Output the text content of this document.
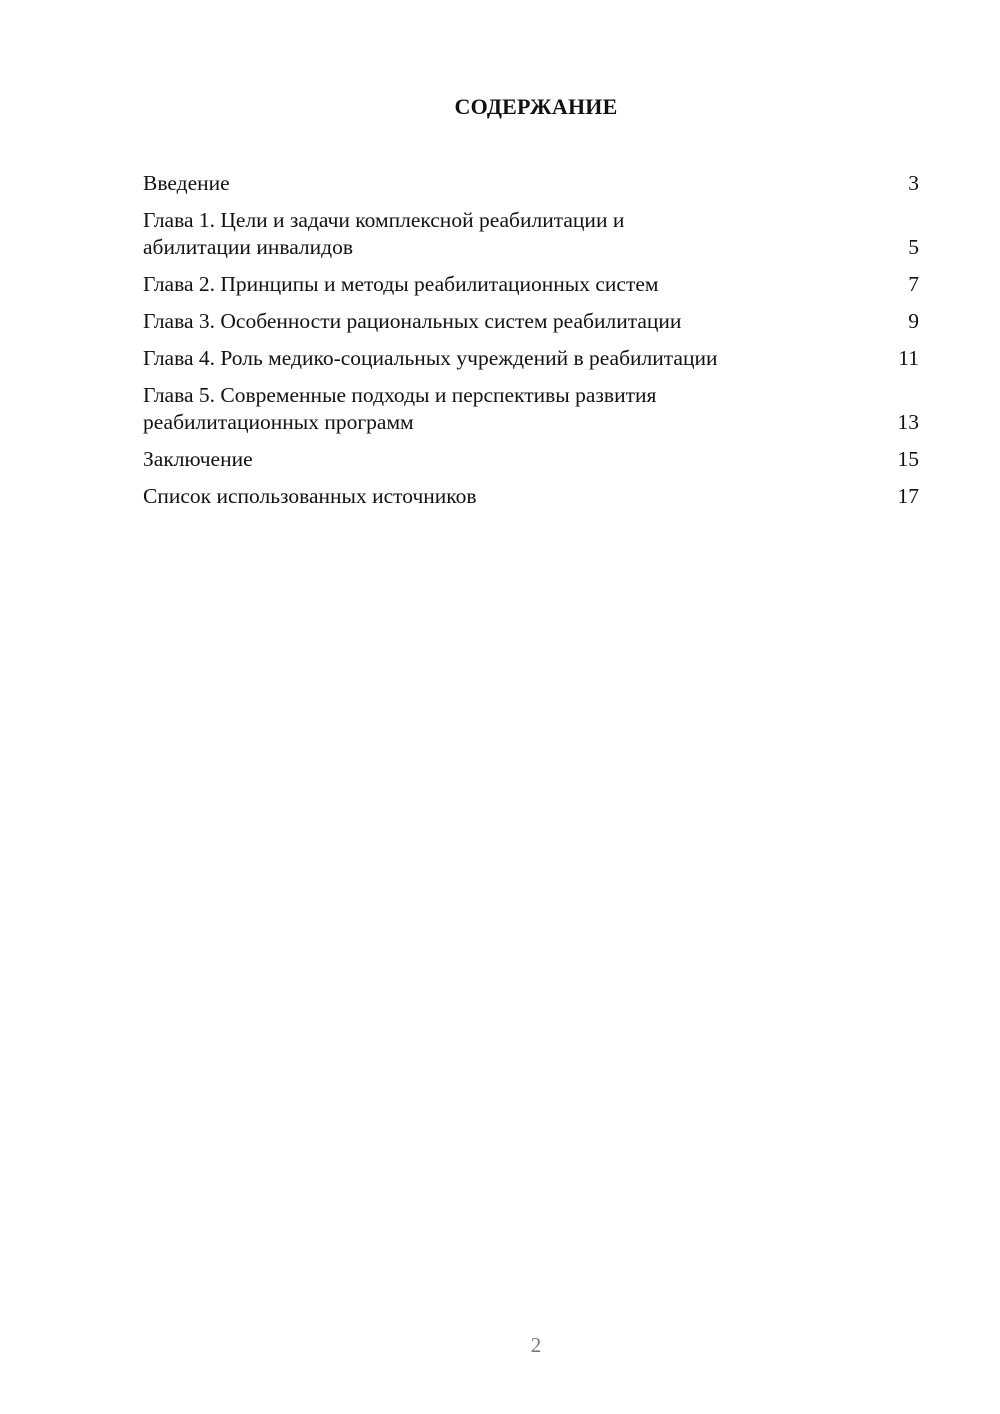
СОДЕРЖАНИЕ
Введение	3
Глава 1. Цели и задачи комплексной реабилитации и
абилитации инвалидов	5
Глава 2. Принципы и методы реабилитационных систем	7
Глава 3. Особенности рациональных систем реабилитации	9
Глава 4. Роль медико-социальных учреждений в реабилитации	11
Глава 5. Современные подходы и перспективы развития
реабилитационных программ	13
Заключение	15
Список использованных источников	17
2
